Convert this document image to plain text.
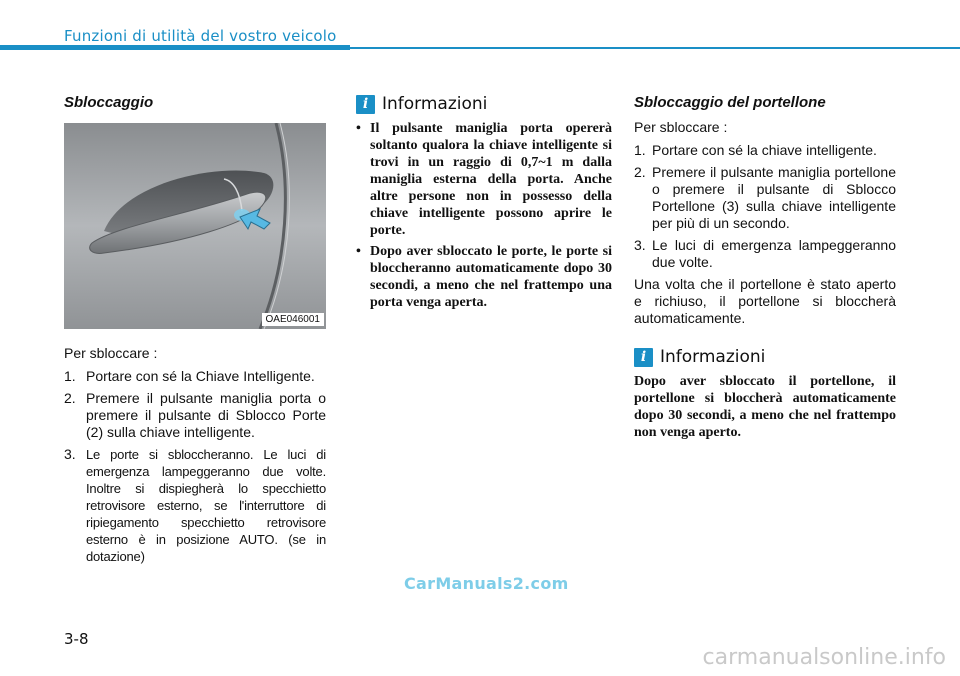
Funzioni di utilità del vostro veicolo
Sbloccaggio
OAE046001
Per sbloccare :
1. Portare con sé la Chiave Intelligente.
2. Premere il pulsante maniglia porta o premere il pulsante di Sblocco Porte (2) sulla chiave intelligente.
3. Le porte si sbloccheranno. Le luci di emergenza lampeggeranno due volte. Inoltre si dispiegherà lo specchietto retrovisore esterno, se l'interruttore di ripiegamento specchietto retrovisore esterno è in posizione AUTO. (se in dotazione)
i Informazioni
• Il pulsante maniglia porta opererà soltanto qualora la chiave intelligente si trovi in un raggio di 0,7~1 m dalla maniglia esterna della porta. Anche altre persone non in possesso della chiave intelligente possono aprire le porte.
• Dopo aver sbloccato le porte, le porte si bloccheranno automaticamente dopo 30 secondi, a meno che nel frattempo una porta venga aperta.
Sbloccaggio del portellone
Per sbloccare :
1. Portare con sé la chiave intelligente.
2. Premere il pulsante maniglia portellone o premere il pulsante di Sblocco Portellone (3) sulla chiave intelligente per più di un secondo.
3. Le luci di emergenza lampeggeranno due volte.
Una volta che il portellone è stato aperto e richiuso, il portellone si bloccherà automaticamente.
i Informazioni

Dopo aver sbloccato il portellone, il portellone si bloccherà automaticamente dopo 30 secondi, a meno che nel frattempo non venga aperto.

CarManuals2.com
3-8
carmanualsonline.info
